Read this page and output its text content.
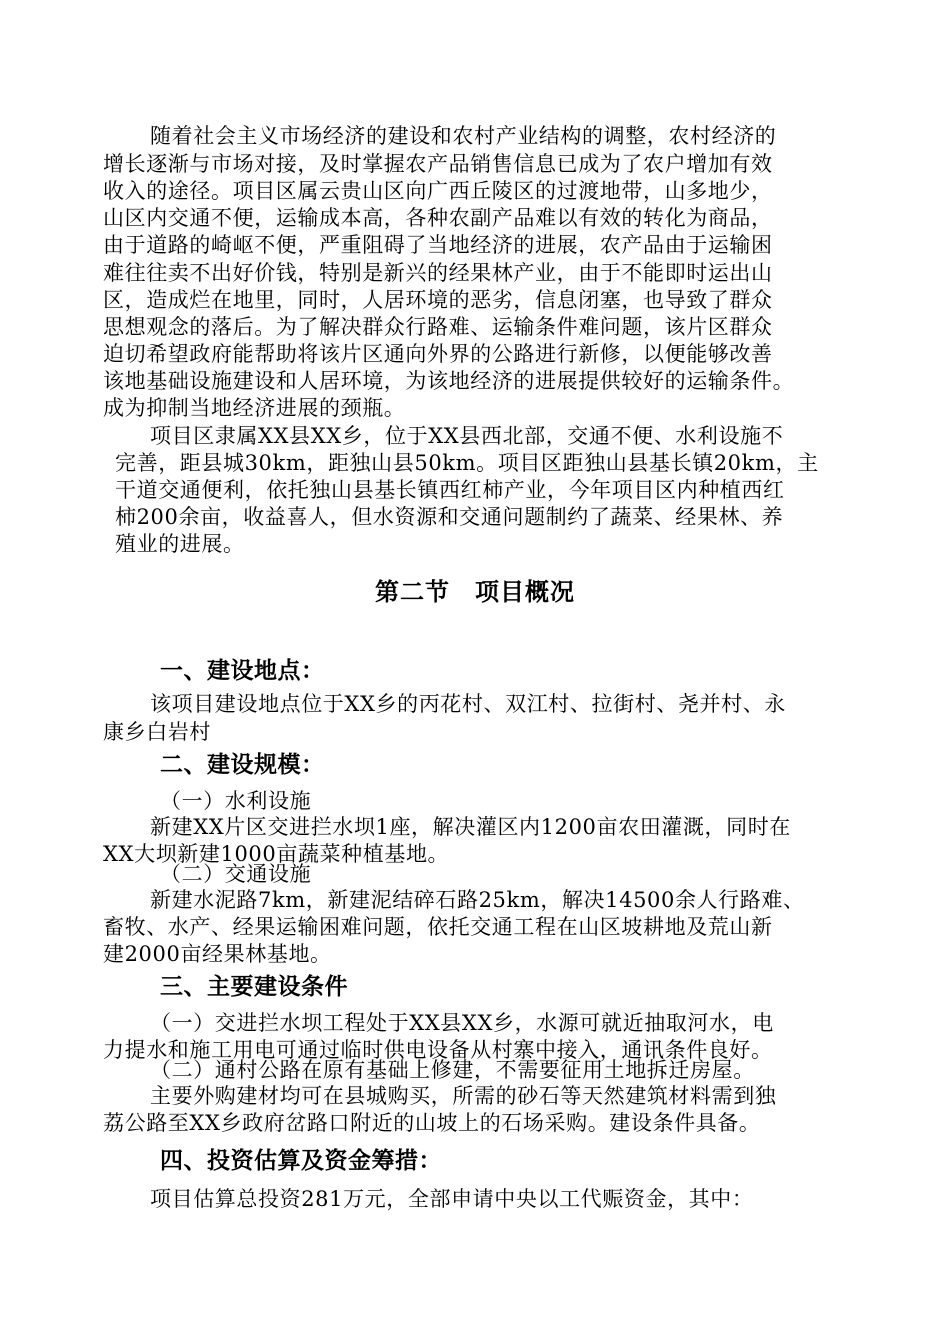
随着社会主义市场经济的建设和农村产业结构的调整，农村经济的
增长逐渐与市场对接，及时掌握农产品销售信息已成为了农户增加有效
收入的途径。项目区属云贵山区向广西丘陵区的过渡地带，山多地少，
山区内交通不便，运输成本高，各种农副产品难以有效的转化为商品，
由于道路的崎岖不便，严重阻碍了当地经济的进展，农产品由于运输困
难往往卖不出好价钱，特别是新兴的经果林产业，由于不能即时运出山
区，造成烂在地里，同时，人居环境的恶劣，信息闭塞，也导致了群众
思想观念的落后。为了解决群众行路难、运输条件难问题，该片区群众
迫切希望政府能帮助将该片区通向外界的公路进行新修，以便能够改善
该地基础设施建设和人居环境，为该地经济的进展提供较好的运输条件。
成为抑制当地经济进展的颈瓶。
项目区隶属XX县XX乡，位于XX县西北部，交通不便、水利设施不
完善，距县城30km，距独山县50km。项目区距独山县基长镇20km，主
干道交通便利，依托独山县基长镇西红柿产业，今年项目区内种植西红
柿200余亩，收益喜人，但水资源和交通问题制约了蔬菜、经果林、养
殖业的进展。
第二节　项目概况
一、建设地点：
该项目建设地点位于XX乡的丙花村、双江村、拉街村、尧并村、永
康乡白岩村
二、建设规模：
（一）水利设施
新建XX片区交进拦水坝1座，解决灌区内1200亩农田灌溉，同时在
XX大坝新建1000亩蔬菜种植基地。
（二）交通设施
新建水泥路7km，新建泥结碎石路25km，解决14500余人行路难、
畜牧、水产、经果运输困难问题，依托交通工程在山区坡耕地及荒山新
建2000亩经果林基地。
三、主要建设条件
（一）交进拦水坝工程处于XX县XX乡，水源可就近抽取河水，电
力提水和施工用电可通过临时供电设备从村寨中接入，通讯条件良好。
（二）通村公路在原有基础上修建，不需要征用土地拆迁房屋。
主要外购建材均可在县城购买，所需的砂石等天然建筑材料需到独
荔公路至XX乡政府岔路口附近的山坡上的石场采购。建设条件具备。
四、投资估算及资金筹措：
项目估算总投资281万元，全部申请中央以工代赈资金，其中：
